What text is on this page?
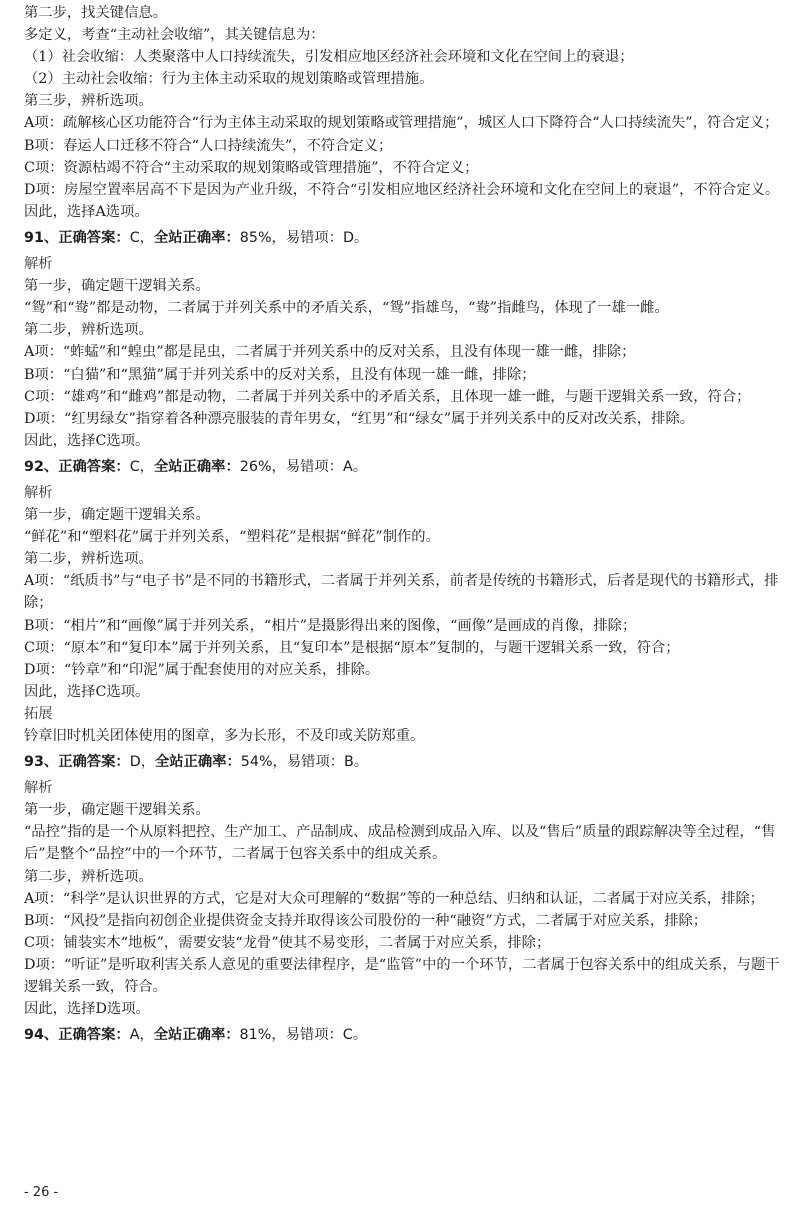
第二步，找关键信息。
多定义，考查“主动社会收缩”，其关键信息为：
（1）社会收缩：人类聚落中人口持续流失，引发相应地区经济社会环境和文化在空间上的衰退；
（2）主动社会收缩：行为主体主动采取的规划策略或管理措施。
第三步，辨析选项。
A项：疏解核心区功能符合“行为主体主动采取的规划策略或管理措施”，城区人口下降符合“人口持续流失”，符合定义；
B项：春运人口迁移不符合“人口持续流失”，不符合定义；
C项：资源枯竭不符合“主动采取的规划策略或管理措施”，不符合定义；
D项：房屋空置率居高不下是因为产业升级，不符合“引发相应地区经济社会环境和文化在空间上的衰退”，不符合定义。
因此，选择A选项。
91、正确答案：C，全站正确率：85%，易错项：D。
解析
第一步，确定题干逻辑关系。
“鸳”和“鸯”都是动物，二者属于并列关系中的矛盾关系，“鸳”指雄鸟，“鸯”指雌鸟，体现了一雄一雌。
第二步，辨析选项。
A项：“蚱蜢”和“蝗虫”都是昆虫，二者属于并列关系中的反对关系，且没有体现一雄一雌，排除；
B项：“白猫”和“黑猫”属于并列关系中的反对关系，且没有体现一雄一雌，排除；
C项：“雄鸡”和“雌鸡”都是动物，二者属于并列关系中的矛盾关系，且体现一雄一雌，与题干逻辑关系一致，符合；
D项：“红男绿女”指穿着各种漂亮服装的青年男女，“红男”和“绿女”属于并列关系中的反对改关系，排除。
因此，选择C选项。
92、正确答案：C，全站正确率：26%，易错项：A。
解析
第一步，确定题干逻辑关系。
“鲜花”和“塑料花”属于并列关系，“塑料花”是根据“鲜花”制作的。
第二步，辨析选项。
A项：“纸质书”与“电子书”是不同的书籍形式，二者属于并列关系，前者是传统的书籍形式，后者是现代的书籍形式，排除；
B项：“相片”和“画像”属于并列关系，“相片”是摄影得出来的图像，“画像”是画成的肖像，排除；
C项：“原本”和“复印本”属于并列关系，且“复印本”是根据“原本”复制的，与题干逻辑关系一致，符合；
D项：“钤章”和“印泥”属于配套使用的对应关系，排除。
因此，选择C选项。
拓展
钤章旧时机关团体使用的图章，多为长形，不及印或关防郑重。
93、正确答案：D，全站正确率：54%，易错项：B。
解析
第一步，确定题干逻辑关系。
“品控”指的是一个从原料把控、生产加工、产品制成、成品检测到成品入库、以及“售后”质量的跟踪解决等全过程，“售后”是整个“品控”中的一个环节，二者属于包容关系中的组成关系。
第二步，辨析选项。
A项：“科学”是认识世界的方式，它是对大众可理解的“数据”等的一种总结、归纳和认证，二者属于对应关系，排除；
B项：“风投”是指向初创企业提供资金支持并取得该公司股份的一种“融资”方式，二者属于对应关系，排除；
C项：铺装实木“地板”，需要安装“龙骨”使其不易变形，二者属于对应关系，排除；
D项：“听证”是听取利害关系人意见的重要法律程序，是“监管”中的一个环节，二者属于包容关系中的组成关系，与题干逻辑关系一致，符合。
因此，选择D选项。
94、正确答案：A，全站正确率：81%，易错项：C。
- 26 -
